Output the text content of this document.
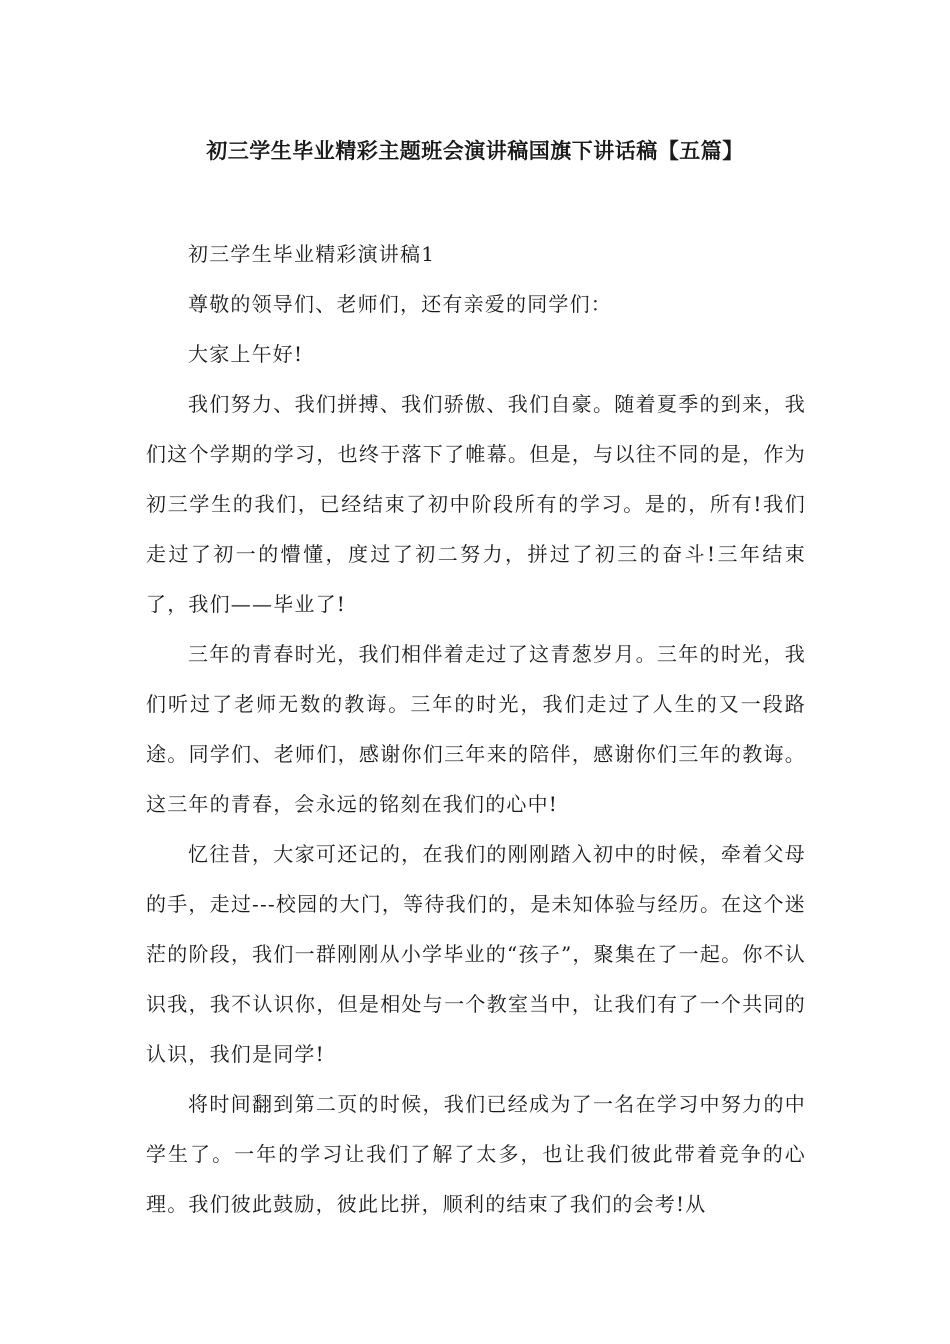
初三学生毕业精彩主题班会演讲稿国旗下讲话稿【五篇】

初三学生毕业精彩演讲稿1

尊敬的领导们、老师们，还有亲爱的同学们：

大家上午好!

我们努力、我们拼搏、我们骄傲、我们自豪。随着夏季的到来，我们这个学期的学习，也终于落下了帷幕。但是，与以往不同的是，作为初三学生的我们，已经结束了初中阶段所有的学习。是的，所有!我们走过了初一的懵懂，度过了初二努力，拼过了初三的奋斗!三年结束了，我们——毕业了!

三年的青春时光，我们相伴着走过了这青葱岁月。三年的时光，我们听过了老师无数的教诲。三年的时光，我们走过了人生的又一段路途。同学们、老师们，感谢你们三年来的陪伴，感谢你们三年的教诲。这三年的青春，会永远的铭刻在我们的心中!

忆往昔，大家可还记的，在我们的刚刚踏入初中的时候，牵着父母的手，走过---校园的大门，等待我们的，是未知体验与经历。在这个迷茫的阶段，我们一群刚刚从小学毕业的“孩子”，聚集在了一起。你不认识我，我不认识你，但是相处与一个教室当中，让我们有了一个共同的认识，我们是同学!

将时间翻到第二页的时候，我们已经成为了一名在学习中努力的中学生了。一年的学习让我们了解了太多，也让我们彼此带着竞争的心理。我们彼此鼓励，彼此比拼，顺利的结束了我们的会考!从
